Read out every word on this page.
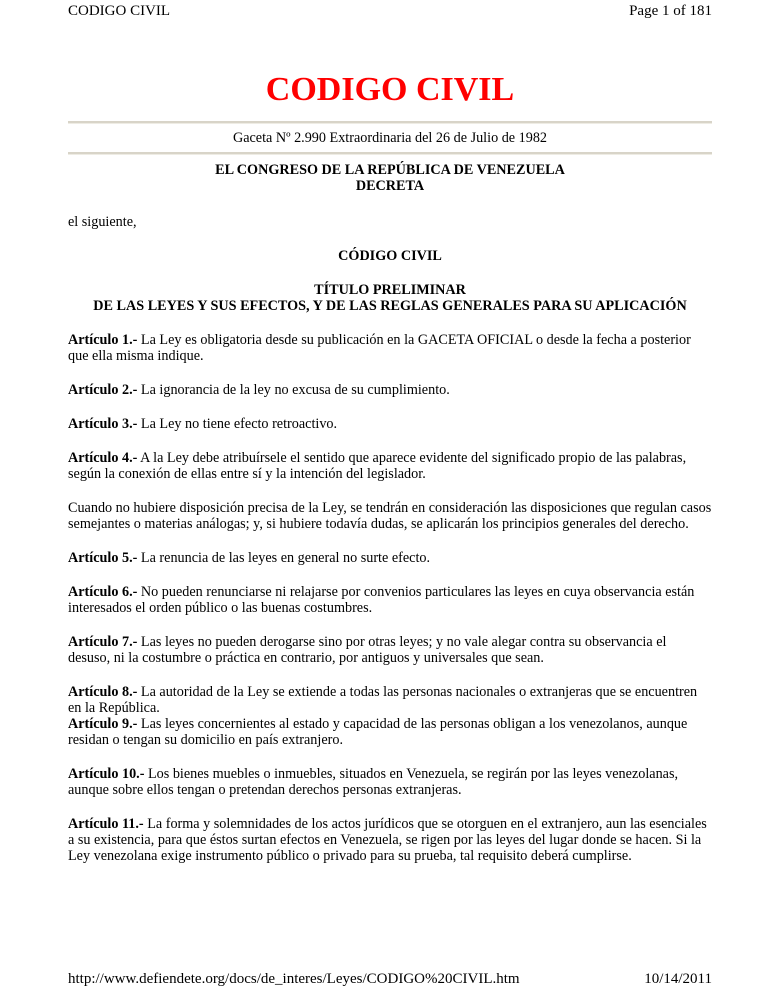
CODIGO CIVIL	Page 1 of 181
CODIGO CIVIL
Gaceta Nº 2.990 Extraordinaria del 26 de Julio de 1982
EL CONGRESO DE LA REPÚBLICA DE VENEZUELA
DECRETA

el siguiente,

CÓDIGO CIVIL

TÍTULO PRELIMINAR
DE LAS LEYES Y SUS EFECTOS, Y DE LAS REGLAS GENERALES PARA SU APLICACIÓN

Artículo 1.- La Ley es obligatoria desde su publicación en la GACETA OFICIAL o desde la fecha a posterior que ella misma indique.

Artículo 2.- La ignorancia de la ley no excusa de su cumplimiento.

Artículo 3.- La Ley no tiene efecto retroactivo.

Artículo 4.- A la Ley debe atribuírsele el sentido que aparece evidente del significado propio de las palabras, según la conexión de ellas entre sí y la intención del legislador.

Cuando no hubiere disposición precisa de la Ley, se tendrán en consideración las disposiciones que regulan casos semejantes o materias análogas; y, si hubiere todavía dudas, se aplicarán los principios generales del derecho.

Artículo 5.- La renuncia de las leyes en general no surte efecto.

Artículo 6.- No pueden renunciarse ni relajarse por convenios particulares las leyes en cuya observancia están interesados el orden público o las buenas costumbres.

Artículo 7.- Las leyes no pueden derogarse sino por otras leyes; y no vale alegar contra su observancia el desuso, ni la costumbre o práctica en contrario, por antiguos y universales que sean.

Artículo 8.- La autoridad de la Ley se extiende a todas las personas nacionales o extranjeras que se encuentren en la República.
Artículo 9.- Las leyes concernientes al estado y capacidad de las personas obligan a los venezolanos, aunque residan o tengan su domicilio en país extranjero.

Artículo 10.- Los bienes muebles o inmuebles, situados en Venezuela, se regirán por las leyes venezolanas, aunque sobre ellos tengan o pretendan derechos personas extranjeras.

Artículo 11.- La forma y solemnidades de los actos jurídicos que se otorguen en el extranjero, aun las esenciales a su existencia, para que éstos surtan efectos en Venezuela, se rigen por las leyes del lugar donde se hacen. Si la Ley venezolana exige instrumento público o privado para su prueba, tal requisito deberá cumplirse.

http://www.defiendete.org/docs/de_interes/Leyes/CODIGO%20CIVIL.htm	10/14/2011
